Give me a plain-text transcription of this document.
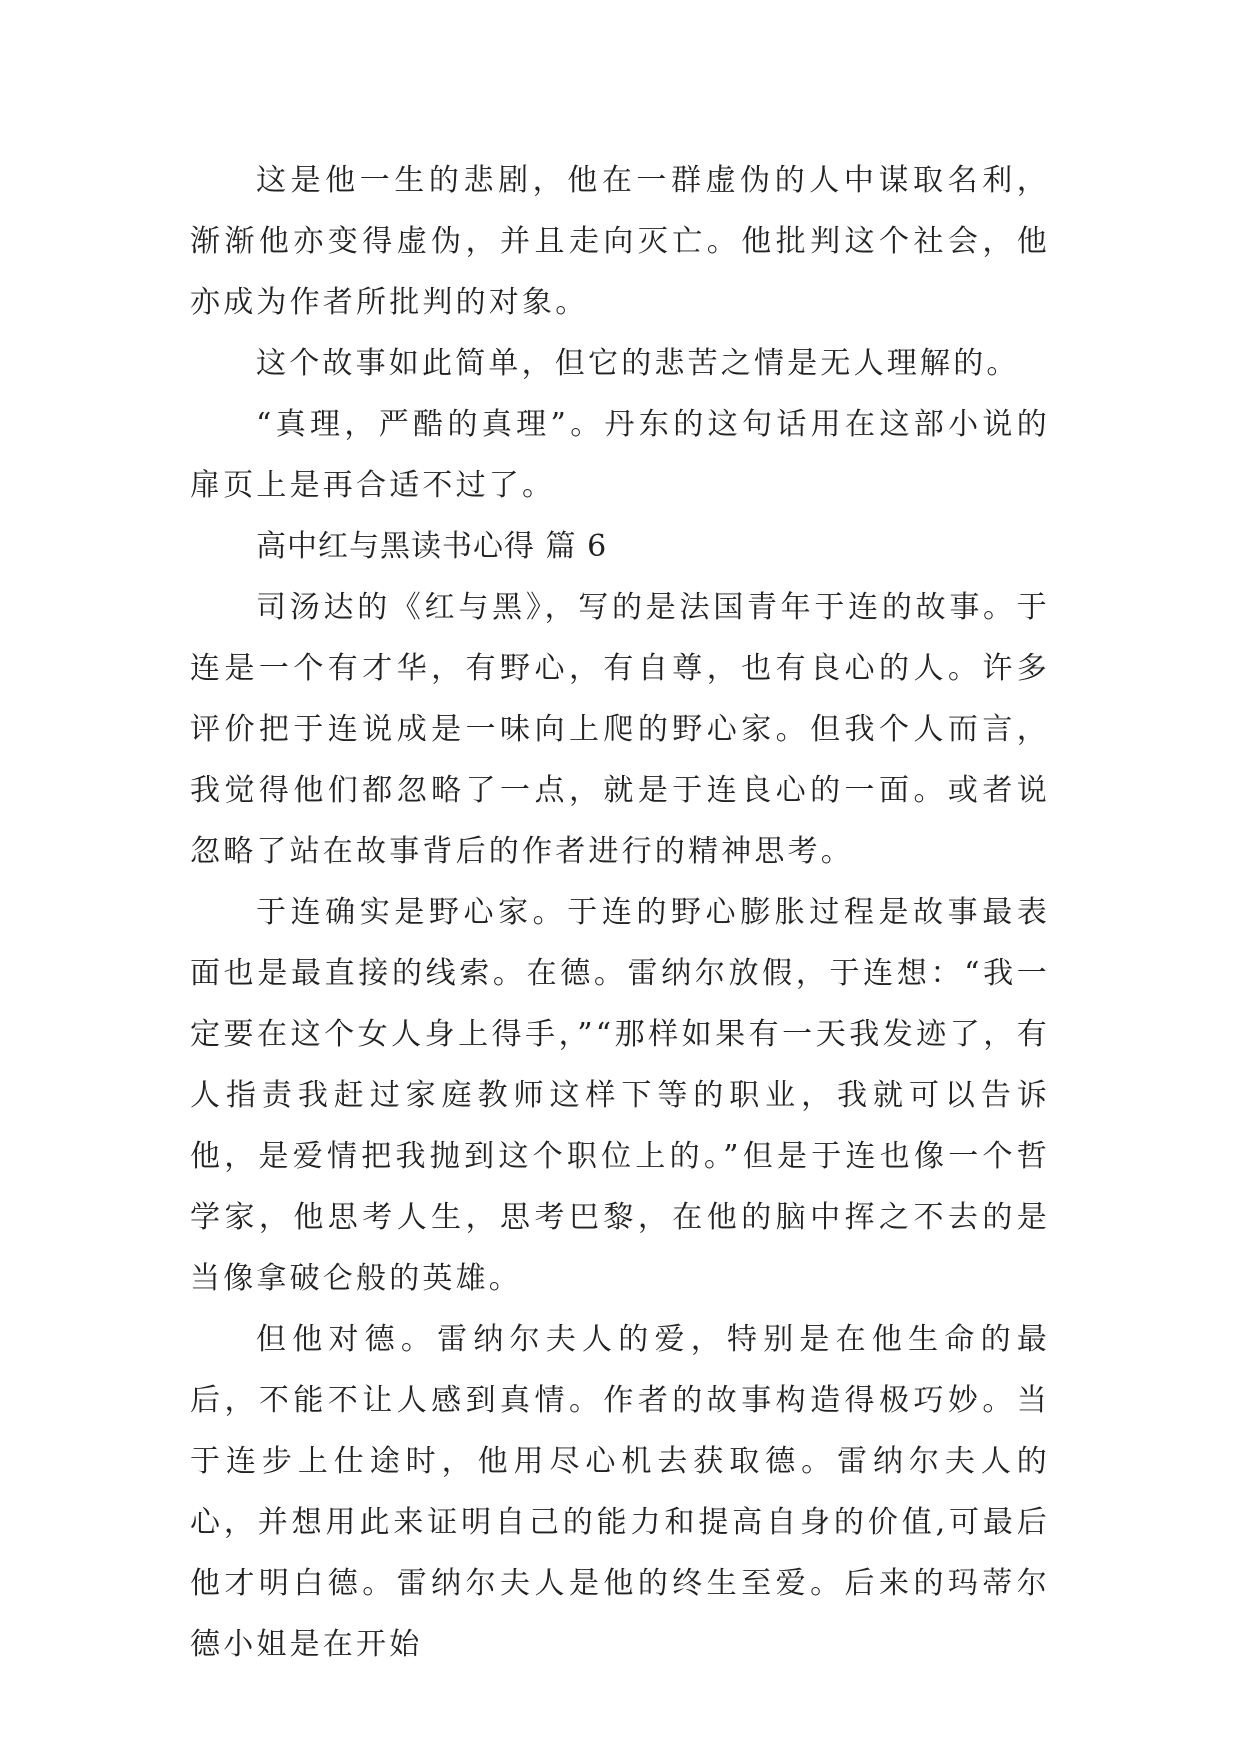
这是他一生的悲剧，他在一群虚伪的人中谋取名利，渐渐他亦变得虚伪，并且走向灭亡。他批判这个社会，他亦成为作者所批判的对象。

这个故事如此简单，但它的悲苦之情是无人理解的。

“真理，严酷的真理”。丹东的这句话用在这部小说的扉页上是再合适不过了。

高中红与黑读书心得 篇 6

司汤达的《红与黑》，写的是法国青年于连的故事。于连是一个有才华，有野心，有自尊，也有良心的人。许多评价把于连说成是一味向上爬的野心家。但我个人而言，我觉得他们都忽略了一点，就是于连良心的一面。或者说忽略了站在故事背后的作者进行的精神思考。

于连确实是野心家。于连的野心膨胀过程是故事最表面也是最直接的线索。在德。雷纳尔放假，于连想：“我一定要在这个女人身上得手，”“那样如果有一天我发迹了，有人指责我赶过家庭教师这样下等的职业，我就可以告诉他，是爱情把我抛到这个职位上的。”但是于连也像一个哲学家，他思考人生，思考巴黎，在他的脑中挥之不去的是当像拿破仑般的英雄。

但他对德。雷纳尔夫人的爱，特别是在他生命的最后，不能不让人感到真情。作者的故事构造得极巧妙。当于连步上仕途时，他用尽心机去获取德。雷纳尔夫人的心，并想用此来证明自己的能力和提高自身的价值,可最后他才明白德。雷纳尔夫人是他的终生至爱。后来的玛蒂尔德小姐是在开始
